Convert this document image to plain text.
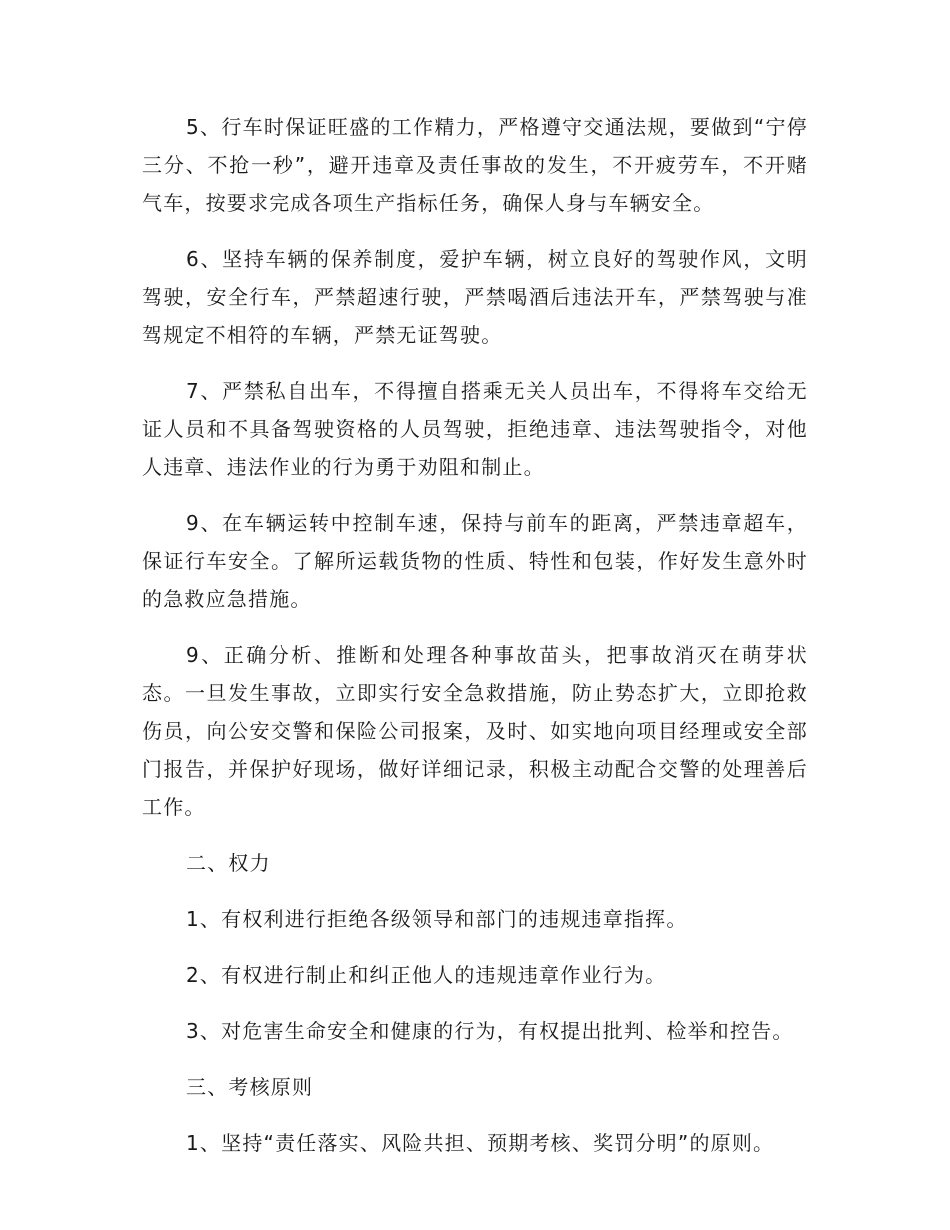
5、行车时保证旺盛的工作精力，严格遵守交通法规，要做到“宁停三分、不抢一秒”，避开违章及责任事故的发生，不开疲劳车，不开赌气车，按要求完成各项生产指标任务，确保人身与车辆安全。

6、坚持车辆的保养制度，爱护车辆，树立良好的驾驶作风，文明驾驶，安全行车，严禁超速行驶，严禁喝酒后违法开车，严禁驾驶与准驾规定不相符的车辆，严禁无证驾驶。

7、严禁私自出车，不得擅自搭乘无关人员出车，不得将车交给无证人员和不具备驾驶资格的人员驾驶，拒绝违章、违法驾驶指令，对他人违章、违法作业的行为勇于劝阻和制止。

9、在车辆运转中控制车速，保持与前车的距离，严禁违章超车，保证行车安全。了解所运载货物的性质、特性和包装，作好发生意外时的急救应急措施。

9、正确分析、推断和处理各种事故苗头，把事故消灭在萌芽状态。一旦发生事故，立即实行安全急救措施，防止势态扩大，立即抢救伤员，向公安交警和保险公司报案，及时、如实地向项目经理或安全部门报告，并保护好现场，做好详细记录，积极主动配合交警的处理善后工作。

二、权力

1、有权利进行拒绝各级领导和部门的违规违章指挥。

2、有权进行制止和纠正他人的违规违章作业行为。

3、对危害生命安全和健康的行为，有权提出批判、检举和控告。

三、考核原则

1、坚持“责任落实、风险共担、预期考核、奖罚分明”的原则。
